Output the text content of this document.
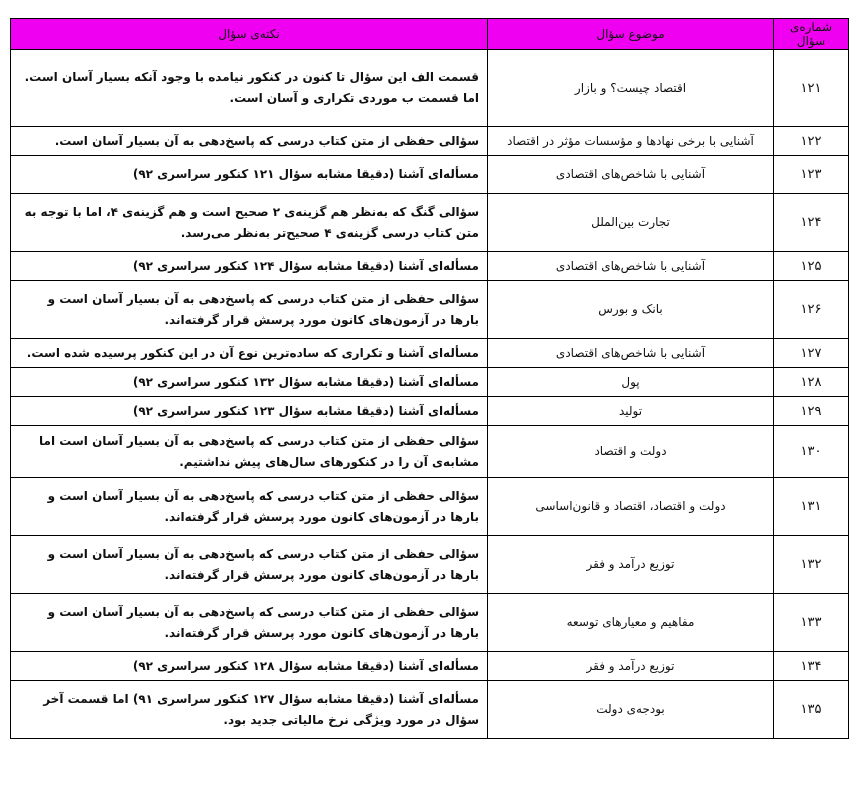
شمارەی سؤال	موضوع سؤال	نکته‌ی سؤال
۱۲۱	اقتصاد چیست؟ و بازار	قسمت الف این سؤال تا کنون در کنکور نیامده با وجود آنکه بسیار آسان است. اما قسمت ب موردی تکراری و آسان است.
۱۲۲	آشنایی با برخی نهادها و مؤسسات مؤثر در اقتصاد	سؤالی حفظی از متن کتاب درسی که پاسخ‌دهی به آن بسیار آسان است.
۱۲۳	آشنایی با شاخص‌های اقتصادی	مسأله‌ای آشنا (دقیقا مشابه سؤال ۱۲۱ کنکور سراسری ۹۲)
۱۲۴	تجارت بین‌الملل	سؤالی گنگ که به‌نظر هم گزینه‌ی ۲ صحیح است و هم گزینه‌ی ۴، اما با توجه به متن کتاب درسی گزینه‌ی ۴ صحیح‌تر به‌نظر می‌رسد.
۱۲۵	آشنایی با شاخص‌های اقتصادی	مسأله‌ای آشنا (دقیقا مشابه سؤال ۱۲۴ کنکور سراسری ۹۲)
۱۲۶	بانک و بورس	سؤالی حفظی از متن کتاب درسی که پاسخ‌دهی به آن بسیار آسان است و بارها در آزمون‌های کانون مورد پرسش قرار گرفته‌اند.
۱۲۷	آشنایی با شاخص‌های اقتصادی	مسأله‌ای آشنا و تکراری که ساده‌ترین نوع آن در این کنکور پرسیده شده است.
۱۲۸	پول	مسأله‌ای آشنا (دقیقا مشابه سؤال ۱۳۲ کنکور سراسری ۹۲)
۱۲۹	تولید	مسأله‌ای آشنا (دقیقا مشابه سؤال ۱۲۳ کنکور سراسری ۹۲)
۱۳۰	دولت و اقتصاد	سؤالی حفظی از متن کتاب درسی که پاسخ‌دهی به آن بسیار آسان است اما مشابه‌ی آن را در کنکورهای سال‌های پیش نداشتیم.
۱۳۱	دولت و اقتصاد، اقتصاد و قانون‌اساسی	سؤالی حفظی از متن کتاب درسی که پاسخ‌دهی به آن بسیار آسان است و بارها در آزمون‌های کانون مورد پرسش قرار گرفته‌اند.
۱۳۲	توزیع درآمد و فقر	سؤالی حفظی از متن کتاب درسی که پاسخ‌دهی به آن بسیار آسان است و بارها در آزمون‌های کانون مورد پرسش قرار گرفته‌اند.
۱۳۳	مفاهیم و معیارهای توسعه	سؤالی حفظی از متن کتاب درسی که پاسخ‌دهی به آن بسیار آسان است و بارها در آزمون‌های کانون مورد پرسش قرار گرفته‌اند.
۱۳۴	توزیع درآمد و فقر	مسأله‌ای آشنا (دقیقا مشابه سؤال ۱۲۸ کنکور سراسری ۹۲)
۱۳۵	بودجه‌ی دولت	مسأله‌ای آشنا (دقیقا مشابه سؤال ۱۲۷ کنکور سراسری ۹۱) اما قسمت آخر سؤال در مورد ویژگی نرخ مالیاتی جدید بود.
